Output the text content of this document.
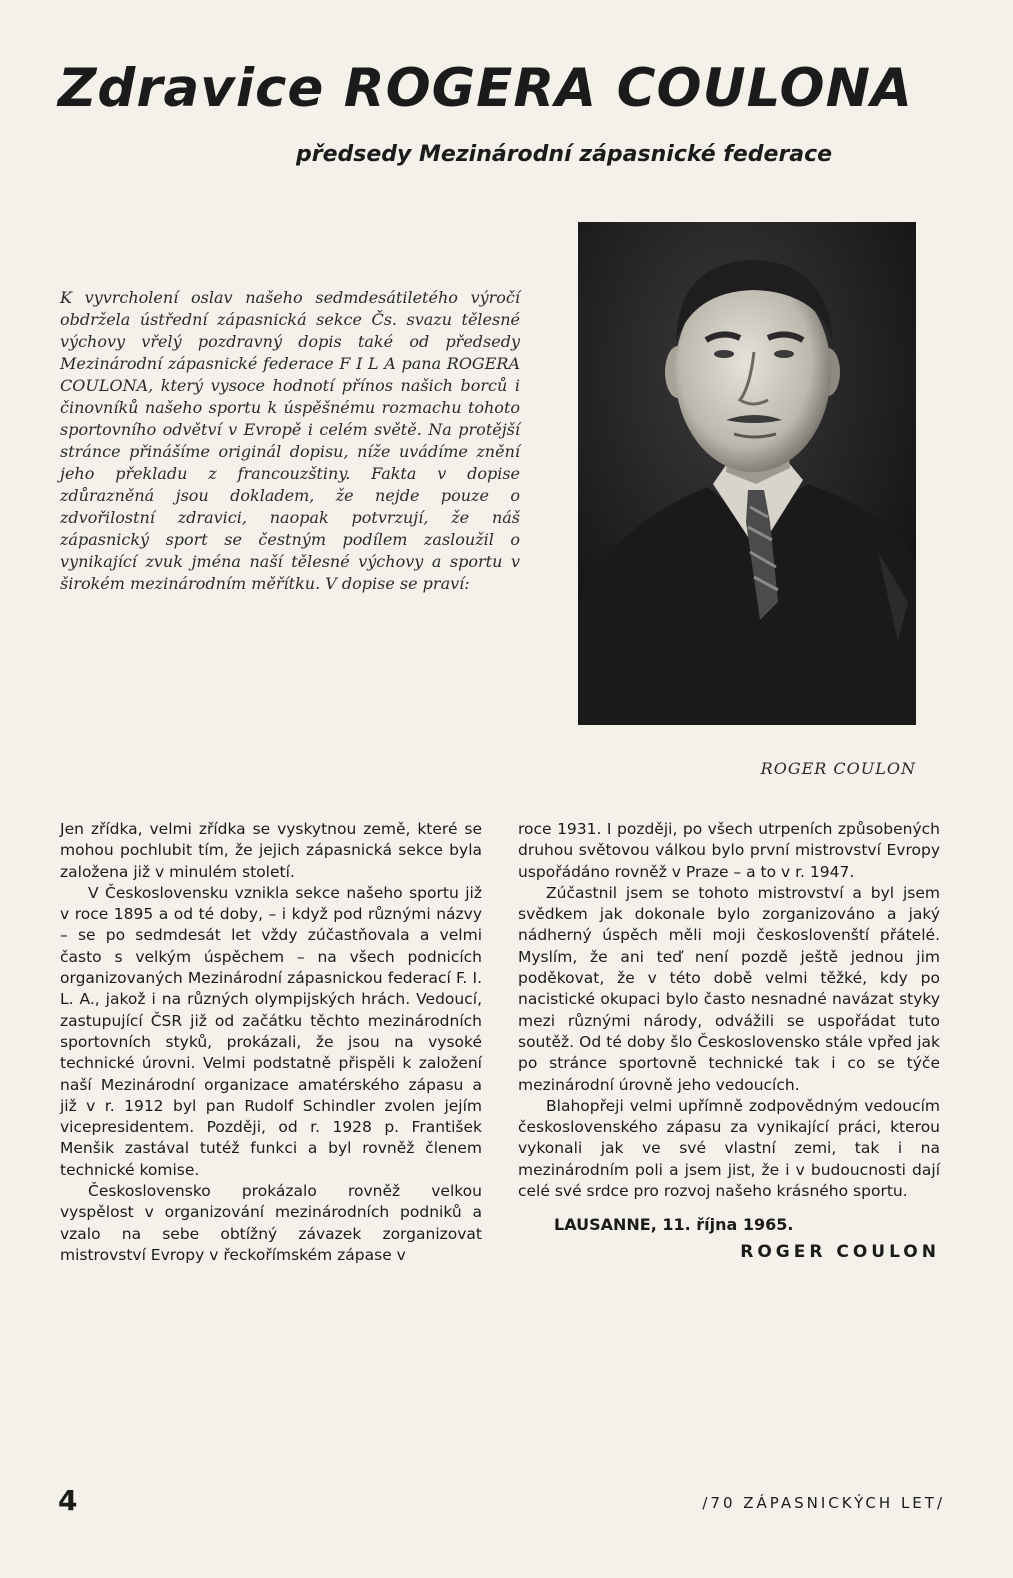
Zdravice ROGERA COULONA
předsedy Mezinárodní zápasnické federace
K vyvrcholení oslav našeho sedmdesátiletého výročí obdržela ústřední zápasnická sekce Čs. svazu tělesné výchovy vřelý pozdravný dopis také od předsedy Mezinárodní zápasnické federace F I L A pana ROGERA COULONA, který vysoce hodnotí přínos našich borců i činovníků našeho sportu k úspěšnému rozmachu tohoto sportovního odvětví v Evropě i celém světě. Na protější stránce přinášíme originál dopisu, níže uvádíme znění jeho překladu z francouzštiny. Fakta v dopise zdůrazněná jsou dokladem, že nejde pouze o zdvořilostní zdravici, naopak potvrzují, že náš zápasnický sport se čestným podílem zasloužil o vynikající zvuk jména naší tělesné výchovy a sportu v širokém mezinárodním měřítku. V dopise se praví:
ROGER COULON

Jen zřídka, velmi zřídka se vyskytnou země, které se mohou pochlubit tím, že jejich zápasnická sekce byla založena již v minulém století.

V Československu vznikla sekce našeho sportu již v roce 1895 a od té doby, – i když pod různými názvy – se po sedmdesát let vždy zúčastňovala a velmi často s velkým úspěchem – na všech podnicích organizovaných Mezinárodní zápasnickou federací F. I. L. A., jakož i na různých olympijských hrách. Vedoucí, zastupující ČSR již od začátku těchto mezinárodních sportovních styků, prokázali, že jsou na vysoké technické úrovni. Velmi podstatně přispěli k založení naší Mezinárodní organizace amatérského zápasu a již v r. 1912 byl pan Rudolf Schindler zvolen jejím vicepresidentem. Později, od r. 1928 p. František Menšik zastával tutéž funkci a byl rovněž členem technické komise.

Československo prokázalo rovněž velkou vyspělost v organizování mezinárodních podniků a vzalo na sebe obtížný závazek zorganizovat mistrovství Evropy v řeckořímském zápase v

roce 1931. I později, po všech utrpeních způsobených druhou světovou válkou bylo první mistrovství Evropy uspořádáno rovněž v Praze – a to v r. 1947.

Zúčastnil jsem se tohoto mistrovství a byl jsem svědkem jak dokonale bylo zorganizováno a jaký nádherný úspěch měli moji českoslovenští přátelé. Myslím, že ani teď není pozdě ještě jednou jim poděkovat, že v této době velmi těžké, kdy po nacistické okupaci bylo často nesnadné navázat styky mezi různými národy, odvážili se uspořádat tuto soutěž. Od té doby šlo Československo stále vpřed jak po stránce sportovně technické tak i co se týče mezinárodní úrovně jeho vedoucích.

Blahopřeji velmi upřímně zodpovědným vedoucím československého zápasu za vynikající práci, kterou vykonali jak ve své vlastní zemi, tak i na mezinárodním poli a jsem jist, že i v budoucnosti dají celé své srdce pro rozvoj našeho krásného sportu.

LAUSANNE, 11. října 1965.
ROGER COULON
4	/70 ZÁPASNICKÝCH LET/
